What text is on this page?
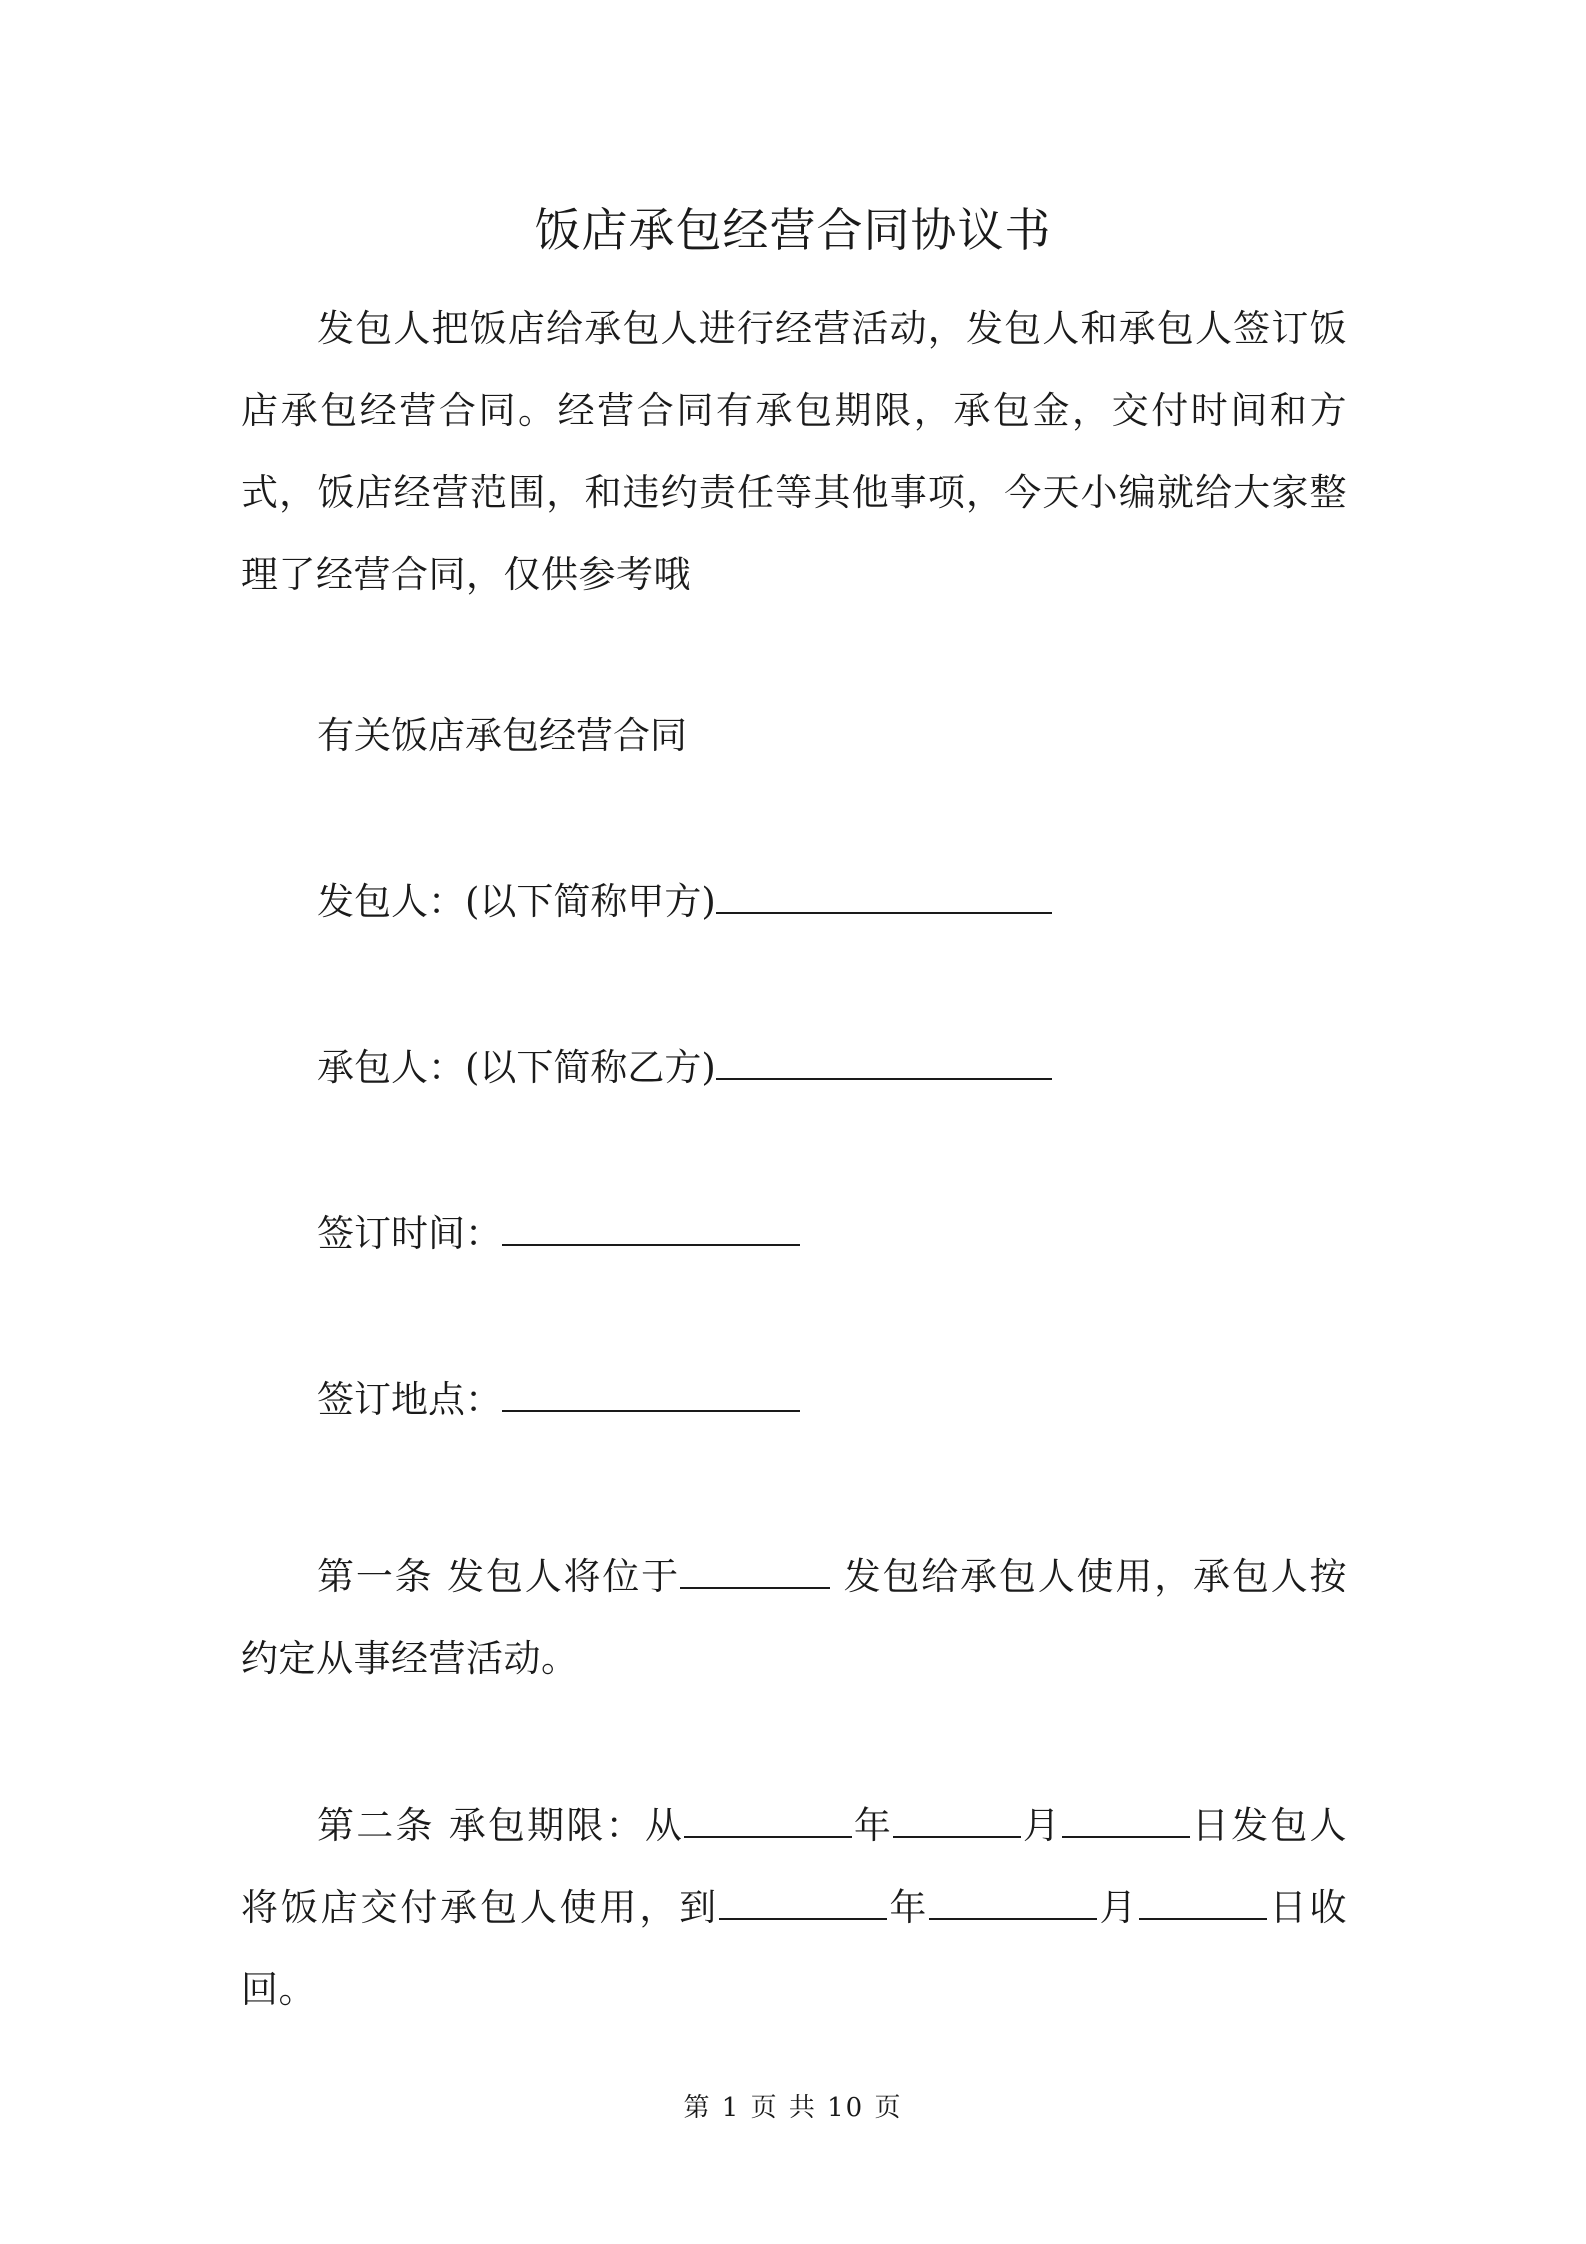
饭店承包经营合同协议书
发包人把饭店给承包人进行经营活动，发包人和承包人签订饭店承包经营合同。经营合同有承包期限，承包金，交付时间和方式，饭店经营范围，和违约责任等其他事项，今天小编就给大家整理了经营合同，仅供参考哦
有关饭店承包经营合同
发包人：(以下简称甲方)
承包人：(以下简称乙方)
签订时间：
签订地点：
第一条 发包人将位于	发包给承包人使用，承包人按约定从事经营活动。
第二条 承包期限：从	年	月	日发包人将饭店交付承包人使用，到	年	月	日收回。
第 1 页 共 10 页
